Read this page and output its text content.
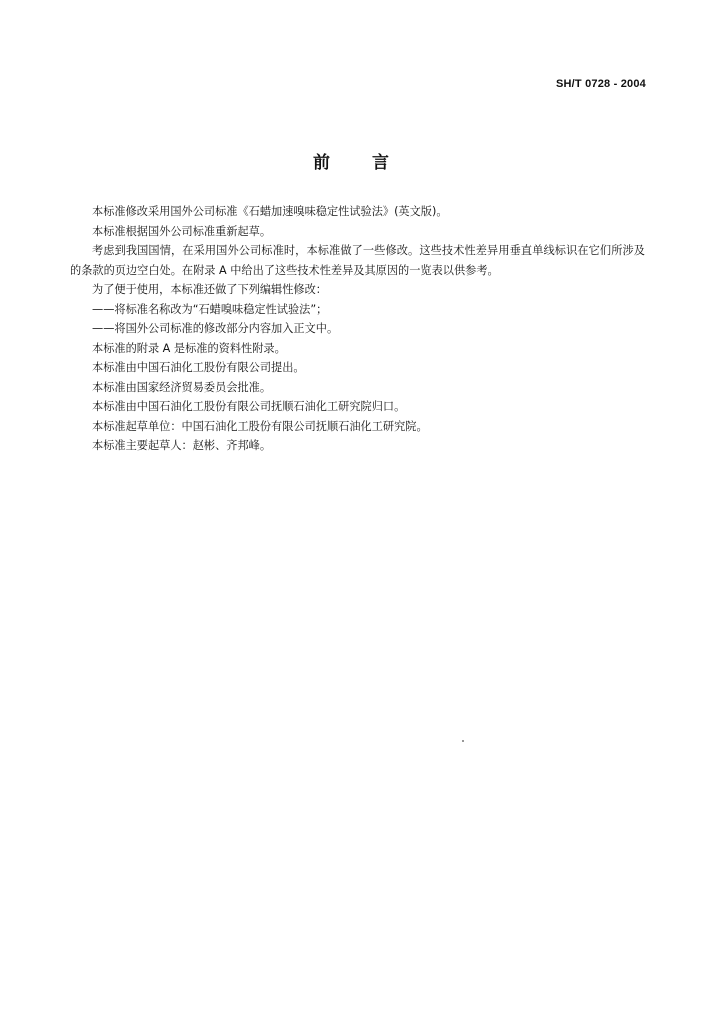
SH/T 0728 - 2004
前言

本标准修改采用国外公司标准《石蜡加速嗅味稳定性试验法》(英文版)。

本标准根据国外公司标准重新起草。

考虑到我国国情，在采用国外公司标准时，本标准做了一些修改。这些技术性差异用垂直单线标识在它们所涉及的条款的页边空白处。在附录 A 中给出了这些技术性差异及其原因的一览表以供参考。

为了便于使用，本标准还做了下列编辑性修改：

——将标准名称改为“石蜡嗅味稳定性试验法”；

——将国外公司标准的修改部分内容加入正文中。

本标准的附录 A 是标准的资料性附录。

本标准由中国石油化工股份有限公司提出。

本标准由国家经济贸易委员会批准。

本标准由中国石油化工股份有限公司抚顺石油化工研究院归口。

本标准起草单位：中国石油化工股份有限公司抚顺石油化工研究院。

本标准主要起草人：赵彬、齐邦峰。
